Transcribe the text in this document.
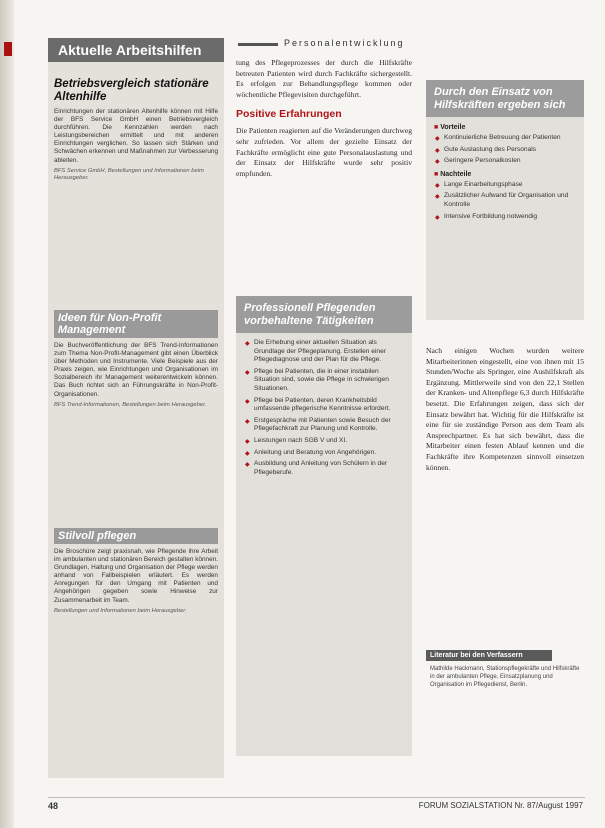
Personalentwicklung
Aktuelle Arbeitshilfen
Betriebsvergleich stationäre Altenhilfe
Einrichtungen der stationären Altenhilfe können mit Hilfe der BFS Service GmbH einen Betriebsvergleich durchführen. Die Kennzahlen werden nach Leistungsbereichen ermittelt und mit anderen Einrichtungen verglichen. So lassen sich Stärken und Schwächen erkennen und Maßnahmen zur Verbesserung ableiten.
BFS Service GmbH, Bestellungen und Informationen beim Herausgeber.
Ideen für Non-Profit Management
Die Buchveröffentlichung der BFS Trend-Informationen zum Thema Non-Profit-Management gibt einen Überblick über Methoden und Instrumente. Viele Beispiele aus der Praxis zeigen, wie Einrichtungen und Organisationen im Sozialbereich ihr Management weiterentwickeln können. Das Buch richtet sich an Führungskräfte in Non-Profit-Organisationen.
BFS Trend-Informationen, Bestellungen beim Herausgeber.
Stilvoll pflegen
Die Broschüre zeigt praxisnah, wie Pflegende ihre Arbeit im ambulanten und stationären Bereich gestalten können. Grundlagen, Haltung und Organisation der Pflege werden anhand von Fallbeispielen erläutert. Es werden Anregungen für den Umgang mit Patienten und Angehörigen gegeben sowie Hinweise zur Zusammenarbeit im Team.
Bestellungen und Informationen beim Herausgeber.
tung des Pflegeprozesses der durch die Hilfskräfte betreuten Patienten wird durch Fachkräfte sichergestellt. Es erfolgen zur Behandlungspflege kommen oder wöchentliche Pflegevisiten durchgeführt.
Positive Erfahrungen
Die Patienten reagierten auf die Veränderungen durchweg sehr zufrieden. Vor allem der gezielte Einsatz der Fachkräfte ermöglicht eine gute Personalauslastung und der Einsatz der Hilfskräfte wurde sehr positiv empfunden.
Professionell Pflegenden vorbehaltene Tätigkeiten
◆ Die Erhebung einer aktuellen Situation als Grundlage der Pflegeplanung. Erstellen einer Pflegediagnose und der Plan für die Pflege.
◆ Pflege bei Patienten, die in einer instabilen Situation sind, sowie die Pflege in schwierigen Situationen.
◆ Pflege bei Patienten, deren Krankheitsbild umfassende pflegerische Kenntnisse erfordert.
◆ Erstgespräche mit Patienten sowie Besuch der Pflegefachkraft zur Planung und Kontrolle.
◆ Leistungen nach SGB V und XI.
◆ Anleitung und Beratung von Angehörigen.
◆ Ausbildung und Anleitung von Schülern in der Pflegeberufe.
Durch den Einsatz von Hilfskräften ergeben sich
■ Vorteile
◆ Kontinuierliche Betreuung der Patienten
◆ Gute Auslastung des Personals
◆ Geringere Personalkosten
■ Nachteile
◆ Lange Einarbeitungsphase
◆ Zusätzlicher Aufwand für Organisation und Kontrolle
◆ Intensive Fortbildung notwendig
Nach einigen Wochen wurden weitere Mitarbeiterinnen eingestellt, eine von ihnen mit 15 Stunden/Woche als Springer, eine Aushilfskraft als Ergänzung. Mittlerweile sind von den 22,1 Stellen der Kranken- und Altenpflege 6,3 durch Hilfskräfte besetzt. Die Erfahrungen zeigen, dass sich der Einsatz bewährt hat. Wichtig für die Hilfskräfte ist eine für sie zuständige Person aus dem Team als Ansprechpartner. Es hat sich bewährt, dass die Mitarbeiter einen festen Ablauf kennen und die Fachkräfte ihre Kompetenzen sinnvoll einsetzen können.
Literatur bei den Verfassern
Mathilde Hackmann, Stationspflegekräfte und Hilfskräfte in der ambulanten Pflege, Einsatzplanung und Organisation im Pflegedienst, Berlin.
48	FORUM SOZIALSTATION Nr. 87/August 1997
